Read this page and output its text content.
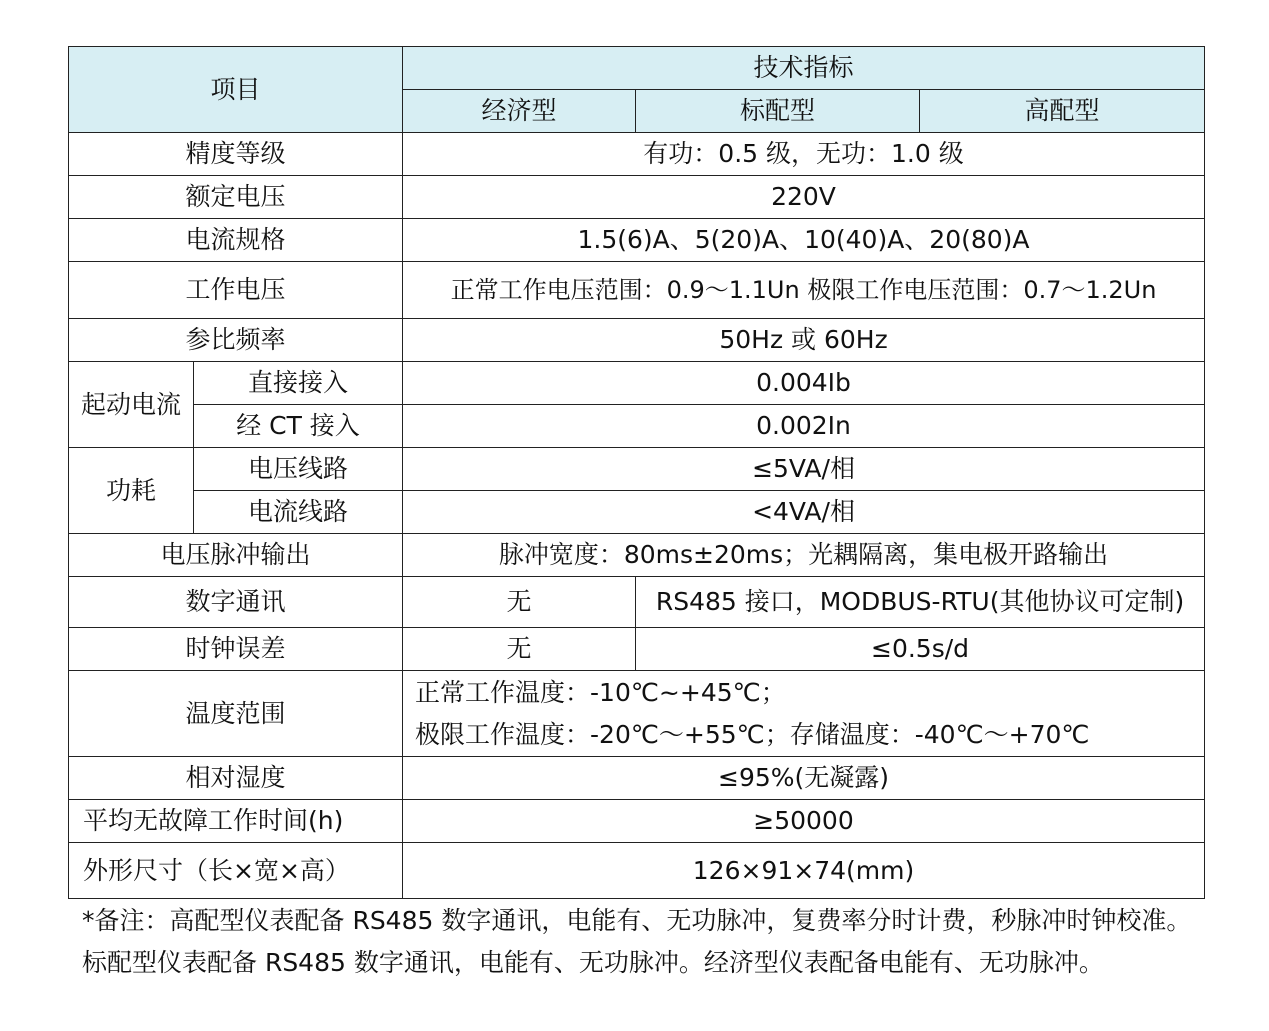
项目		技术指标		
		经济型	标配型	高配型
精度等级		有功：0.5 级，无功：1.0 级		
额定电压		220V		
电流规格		1.5(6)A、5(20)A、10(40)A、20(80)A		
工作电压		正常工作电压范围：0.9～1.1Un 极限工作电压范围：0.7～1.2Un		
参比频率		50Hz 或 60Hz		
起动电流	直接接入	0.004Ib		
	经 CT 接入	0.002In		
功耗	电压线路	≤5VA/相		
	电流线路	<4VA/相		
电压脉冲输出		脉冲宽度：80ms±20ms；光耦隔离，集电极开路输出		
数字通讯		无	RS485 接口，MODBUS-RTU(其他协议可定制)	
时钟误差		无	≤0.5s/d	
温度范围		正常工作温度：-10℃~+45℃；
极限工作温度：-20℃～+55℃；存储温度：-40℃～+70℃		

相对湿度		≤95%(无凝露)		
平均无故障工作时间(h)		≥50000		
外形尺寸（长×宽×高）		126×91×74(mm)		
*备注：高配型仪表配备 RS485 数字通讯，电能有、无功脉冲，复费率分时计费，秒脉冲时钟校准。标配型仪表配备 RS485 数字通讯，电能有、无功脉冲。经济型仪表配备电能有、无功脉冲。
